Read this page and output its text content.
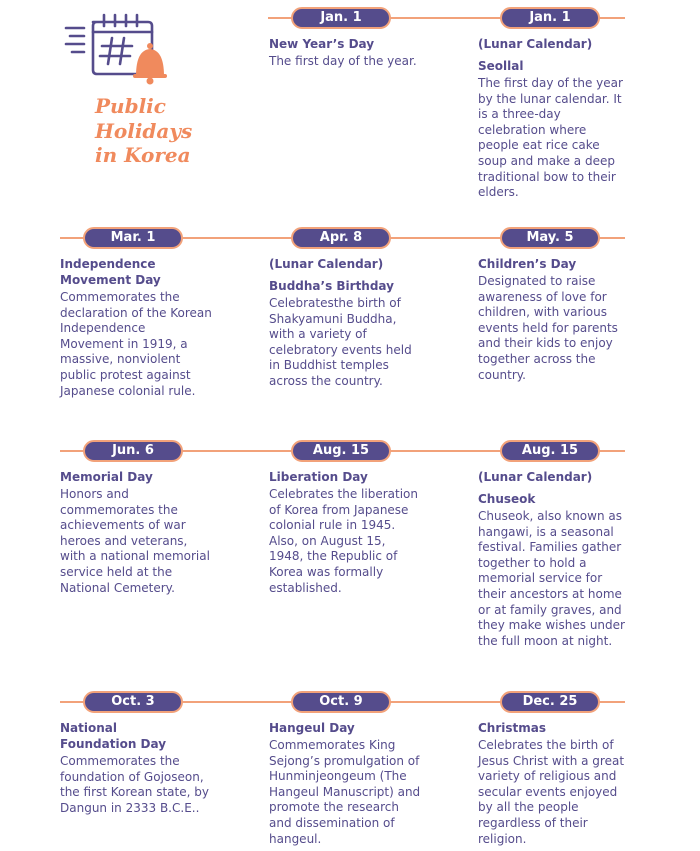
Public
Holidays
in Korea
Jan. 1
New Year’s Day
The first day of the year.
Jan. 1
(Lunar Calendar)
Seollal
The first day of the year by the lunar calendar. It is a three-day celebration where people eat rice cake soup and make a deep traditional bow to their elders.
Mar. 1
Independence Movement Day
Commemorates the declaration of the Korean Independence Movement in 1919, a massive, nonviolent public protest against Japanese colonial rule.
Apr. 8
(Lunar Calendar)
Buddha’s Birthday
Celebratesthe birth of Shakyamuni Buddha, with a variety of celebratory events held in Buddhist temples across the country.
May. 5
Children’s Day
Designated to raise awareness of love for children, with various events held for parents and their kids to enjoy together across the country.
Jun. 6
Memorial Day
Honors and commemorates the achievements of war heroes and veterans, with a national memorial service held at the National Cemetery.
Aug. 15
Liberation Day
Celebrates the liberation of Korea from Japanese colonial rule in 1945. Also, on August 15, 1948, the Republic of Korea was formally established.
Aug. 15
(Lunar Calendar)
Chuseok
Chuseok, also known as hangawi, is a seasonal festival. Families gather together to hold a memorial service for their ancestors at home or at family graves, and they make wishes under the full moon at night.
Oct. 3
National Foundation Day
Commemorates the foundation of Gojoseon, the first Korean state, by Dangun in 2333 B.C.E..
Oct. 9
Hangeul Day
Commemorates King Sejong’s promulgation of Hunminjeongeum (The Hangeul Manuscript) and promote the research and dissemination of hangeul.
Dec. 25
Christmas
Celebrates the birth of Jesus Christ with a great variety of religious and secular events enjoyed by all the people regardless of their religion.
